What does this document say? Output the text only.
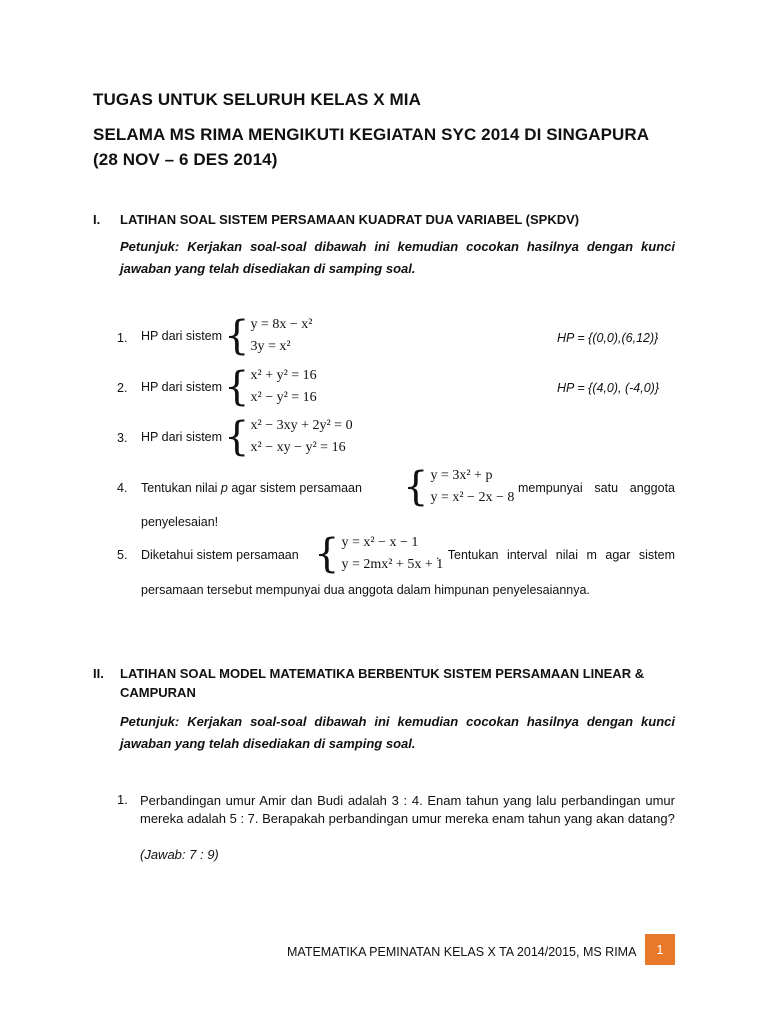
TUGAS UNTUK SELURUH KELAS X MIA
SELAMA MS RIMA MENGIKUTI KEGIATAN SYC 2014 DI SINGAPURA
(28 NOV – 6 DES 2014)
I. LATIHAN SOAL SISTEM PERSAMAAN KUADRAT DUA VARIABEL (SPKDV)
Petunjuk: Kerjakan soal-soal dibawah ini kemudian cocokan hasilnya dengan kunci jawaban yang telah disediakan di samping soal.
1. HP dari sistem { y = 8x − x²
3y = x²
HP = {(0,0),(6,12)}
2. HP dari sistem { x² + y² = 16
x² − y² = 16
HP = {(4,0), (-4,0)}
3. HP dari sistem { x² − 3xy + 2y² = 0
x² − xy − y² = 16
4. Tentukan nilai p agar sistem persamaan { y = 3x² + p
y = x² − 2x − 8
mempunyai satu anggota
penyelesaian!
5. Diketahui sistem persamaan { y = x² − x − 1
y = 2mx² + 5x + 1
. Tentukan interval nilai m agar sistem
persamaan tersebut mempunyai dua anggota dalam himpunan penyelesaiannya.
II. LATIHAN SOAL MODEL MATEMATIKA BERBENTUK SISTEM PERSAMAAN LINEAR &
CAMPURAN
Petunjuk: Kerjakan soal-soal dibawah ini kemudian cocokan hasilnya dengan kunci jawaban yang telah disediakan di samping soal.
1. Perbandingan umur Amir dan Budi adalah 3 : 4. Enam tahun yang lalu perbandingan umur mereka adalah 5 : 7. Berapakah perbandingan umur mereka enam tahun yang akan datang?
(Jawab: 7 : 9)
MATEMATIKA PEMINATAN KELAS X TA 2014/2015, MS RIMA	1
